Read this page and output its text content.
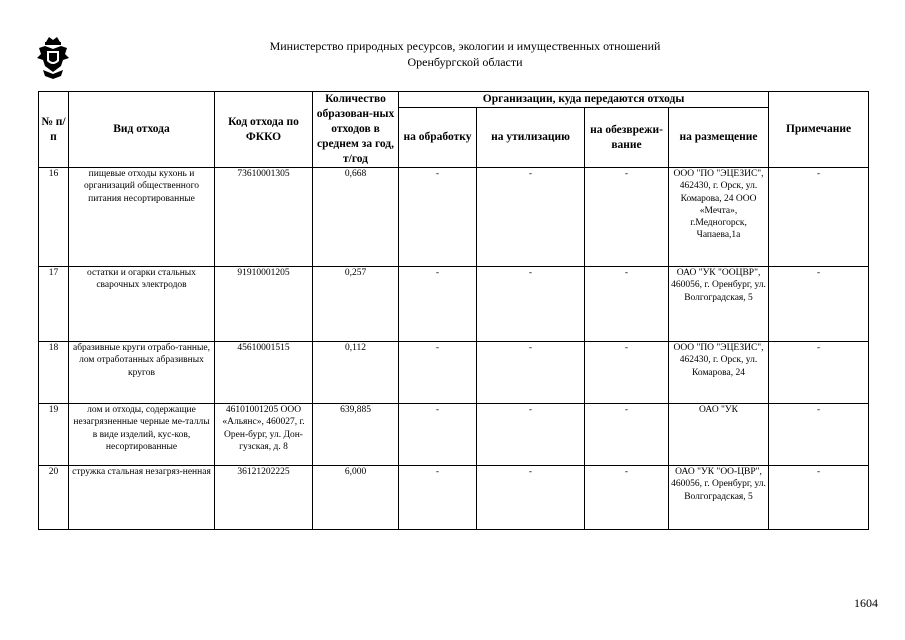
Министерство природных ресурсов, экологии и имущественных отношений
Оренбургской области
№ п/п	Вид отхода	Код отхода по ФККО	Количество образован-ных отходов в среднем за год, т/год	Организации, куда передаются отходы				Примечание
				на обработку	на утилизацию	на обезврежи-вание	на размещение	
16	пищевые отходы кухонь и организаций общественного питания несортированные	73610001305	0,668	-	-	-	ООО "ПО "ЭЦЕЗИС", 462430, г. Орск, ул. Комарова, 24 ООО «Мечта», г.Медногорск, Чапаева,1а	-
17	остатки и огарки стальных сварочных электродов	91910001205	0,257	-	-	-	ОАО "УК "ООЦВР", 460056, г. Оренбург, ул. Волгоградская, 5	-
18	абразивные круги отрабо-танные, лом отработанных абразивных кругов	45610001515	0,112	-	-	-	ООО "ПО "ЭЦЕЗИС", 462430, г. Орск, ул. Комарова, 24	-
19	лом и отходы, содержащие незагрязненные черные ме-таллы в виде изделий, кус-ков, несортированные	46101001205 ООО «Альянс», 460027, г. Орен-бург, ул. Дон-гузская, д. 8	639,885	-	-	-	ОАО "УК	-
20	стружка стальная незагряз-ненная	36121202225	6,000	-	-	-	ОАО "УК "ОО-ЦВР", 460056, г. Оренбург, ул. Волгоградская, 5	-
1604
